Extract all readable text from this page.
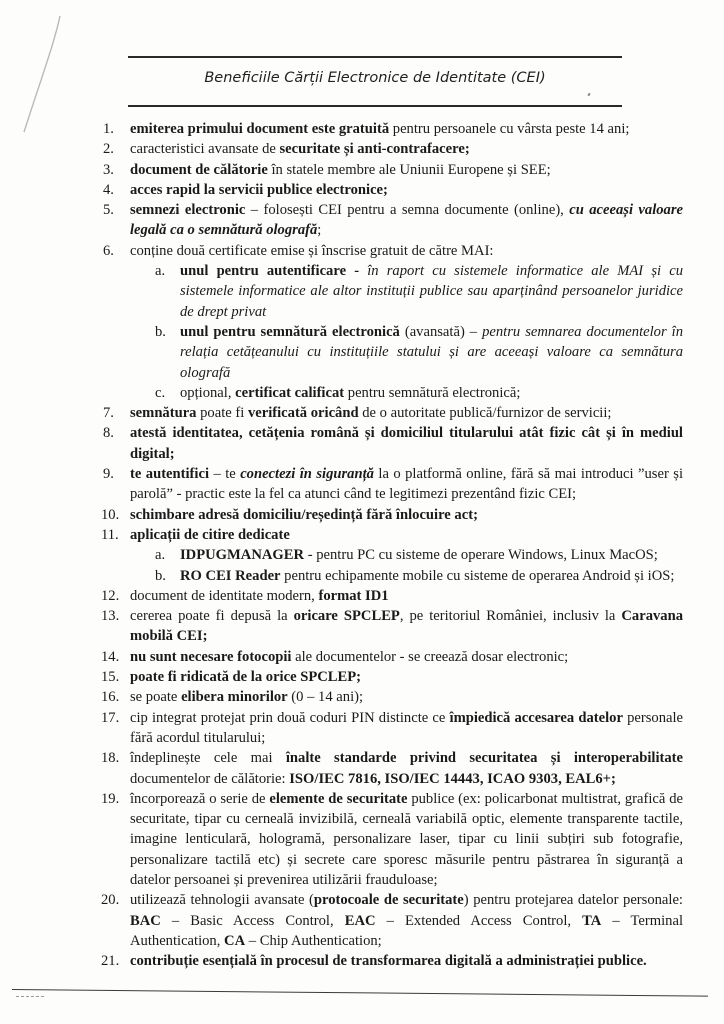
Beneficiile Cărții Electronice de Identitate (CEI)
1. emiterea primului document este gratuită pentru persoanele cu vârsta peste 14 ani;
2. caracteristici avansate de securitate și anti-contrafacere;
3. document de călătorie în statele membre ale Uniunii Europene și SEE;
4. acces rapid la servicii publice electronice;
5. semnezi electronic – folosești CEI pentru a semna documente (online), cu aceeași valoare legală ca o semnătură olografă;
6. conține două certificate emise și înscrise gratuit de către MAI:
a. unul pentru autentificare - în raport cu sistemele informatice ale MAI și cu sistemele informatice ale altor instituții publice sau aparținând persoanelor juridice de drept privat
b. unul pentru semnătură electronică (avansată) – pentru semnarea documentelor în relația cetățeanului cu instituțiile statului și are aceeași valoare ca semnătura olografă
c. opțional, certificat calificat pentru semnătură electronică;
7. semnătura poate fi verificată oricând de o autoritate publică/furnizor de servicii;
8. atestă identitatea, cetățenia română și domiciliul titularului atât fizic cât și în mediul digital;
9. te autentifici – te conectezi în siguranță la o platformă online, fără să mai introduci ”user și parolă” - practic este la fel ca atunci când te legitimezi prezentând fizic CEI;
10. schimbare adresă domiciliu/reședință fără înlocuire act;
11. aplicații de citire dedicate
a. IDPUGMANAGER - pentru PC cu sisteme de operare Windows, Linux MacOS;
b. RO CEI Reader pentru echipamente mobile cu sisteme de operarea Android și iOS;
12. document de identitate modern, format ID1
13. cererea poate fi depusă la oricare SPCLEP, pe teritoriul României, inclusiv la Caravana mobilă CEI;
14. nu sunt necesare fotocopii ale documentelor - se creează dosar electronic;
15. poate fi ridicată de la orice SPCLEP;
16. se poate elibera minorilor (0 – 14 ani);
17. cip integrat protejat prin două coduri PIN distincte ce împiedică accesarea datelor personale fără acordul titularului;
18. îndeplinește cele mai înalte standarde privind securitatea și interoperabilitate documentelor de călătorie: ISO/IEC 7816, ISO/IEC 14443, ICAO 9303, EAL6+;
19. încorporează o serie de elemente de securitate publice (ex: policarbonat multistrat, grafică de securitate, tipar cu cerneală invizibilă, cerneală variabilă optic, elemente transparente tactile, imagine lenticulară, hologramă, personalizare laser, tipar cu linii subțiri sub fotografie, personalizare tactilă etc) și secrete care sporesc măsurile pentru păstrarea în siguranță a datelor persoanei și prevenirea utilizării frauduloase;
20. utilizează tehnologii avansate (protocoale de securitate) pentru protejarea datelor personale: BAC – Basic Access Control, EAC – Extended Access Control, TA – Terminal Authentication, CA – Chip Authentication;
21. contribuție esențială în procesul de transformarea digitală a administrației publice.
